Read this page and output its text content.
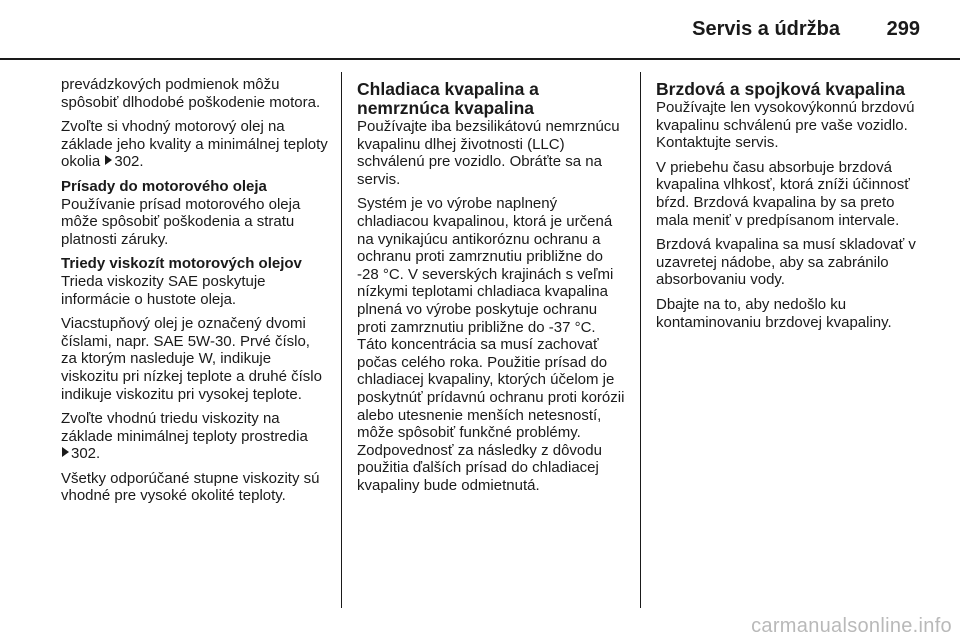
Servis a údržba 299

prevádzkových podmienok môžu spôsobiť dlhodobé poškodenie motora.

Zvoľte si vhodný motorový olej na základe jeho kvality a minimálnej teploty okolia 302.

Prísady do motorového oleja

Používanie prísad motorového oleja môže spôsobiť poškodenia a stratu platnosti záruky.

Triedy viskozít motorových olejov

Trieda viskozity SAE poskytuje informácie o hustote oleja.

Viacstupňový olej je označený dvomi číslami, napr. SAE 5W-30. Prvé číslo, za ktorým nasleduje W, indikuje viskozitu pri nízkej teplote a druhé číslo indikuje viskozitu pri vysokej teplote.

Zvoľte vhodnú triedu viskozity na základe minimálnej teploty prostredia
302.

Všetky odporúčané stupne viskozity sú vhodné pre vysoké okolité teploty.

Chladiaca kvapalina a nemrznúca kvapalina

Používajte iba bezsilikátovú nemrznúcu kvapalinu dlhej životnosti (LLC) schválenú pre vozidlo. Obráťte sa na servis.

Systém je vo výrobe naplnený chladiacou kvapalinou, ktorá je určená na vynikajúcu antikoróznu ochranu a ochranu proti zamrznutiu približne do -28 °C. V severských krajinách s veľmi nízkymi teplotami chladiaca kvapalina plnená vo výrobe poskytuje ochranu proti zamrznutiu približne do -37 °C. Táto koncentrácia sa musí zachovať počas celého roka. Použitie prísad do chladiacej kvapaliny, ktorých účelom je poskytnúť prídavnú ochranu proti korózii alebo utesnenie menších netesností, môže spôsobiť funkčné problémy. Zodpovednosť za následky z dôvodu použitia ďalších prísad do chladiacej kvapaliny bude odmietnutá.

Brzdová a spojková kvapalina

Používajte len vysokovýkonnú brzdovú kvapalinu schválenú pre vaše vozidlo. Kontaktujte servis.

V priebehu času absorbuje brzdová kvapalina vlhkosť, ktorá zníži účinnosť bŕzd. Brzdová kvapalina by sa preto mala meniť v predpísanom intervale.

Brzdová kvapalina sa musí skladovať v uzavretej nádobe, aby sa zabránilo absorbovaniu vody.

Dbajte na to, aby nedošlo ku kontaminovaniu brzdovej kvapaliny.

carmanualsonline.info
